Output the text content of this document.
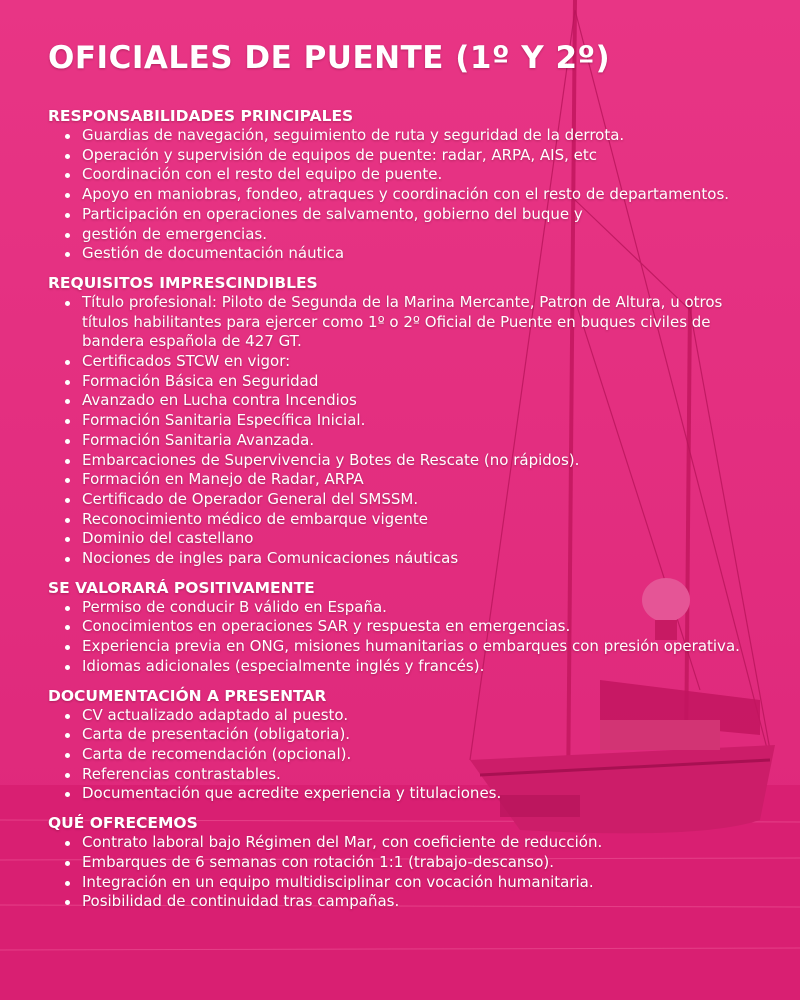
OFICIALES DE PUENTE (1º Y 2º)
RESPONSABILIDADES PRINCIPALES
Guardias de navegación, seguimiento de ruta y seguridad de la derrota.
Operación y supervisión de equipos de puente: radar, ARPA, AIS, etc
Coordinación con el resto del equipo de puente.
Apoyo en maniobras, fondeo, atraques y coordinación con el resto de departamentos.
Participación en operaciones de salvamento, gobierno del buque y
gestión de emergencias.
Gestión de documentación náutica
REQUISITOS IMPRESCINDIBLES
Título profesional: Piloto de Segunda de la Marina Mercante, Patron de Altura, u otros títulos habilitantes para ejercer como 1º o 2º Oficial de Puente en buques civiles de bandera española de 427 GT.
Certificados STCW en vigor:
Formación Básica en Seguridad
Avanzado en Lucha contra Incendios
Formación Sanitaria Específica Inicial.
Formación Sanitaria Avanzada.
Embarcaciones de Supervivencia y Botes de Rescate (no rápidos).
Formación en Manejo de Radar, ARPA
Certificado de Operador General del SMSSM.
Reconocimiento médico de embarque vigente
Dominio del castellano
Nociones de ingles para Comunicaciones náuticas
SE VALORARÁ POSITIVAMENTE
Permiso de conducir B válido en España.
Conocimientos en operaciones SAR y respuesta en emergencias.
Experiencia previa en ONG, misiones humanitarias o embarques con presión operativa.
Idiomas adicionales (especialmente inglés y francés).
DOCUMENTACIÓN A PRESENTAR
CV actualizado adaptado al puesto.
Carta de presentación (obligatoria).
Carta de recomendación (opcional).
Referencias contrastables.
Documentación que acredite experiencia y titulaciones.
QUÉ OFRECEMOS
Contrato laboral bajo Régimen del Mar, con coeficiente de reducción.
Embarques de 6 semanas con rotación 1:1 (trabajo-descanso).
Integración en un equipo multidisciplinar con vocación humanitaria.
Posibilidad de continuidad tras campañas.
